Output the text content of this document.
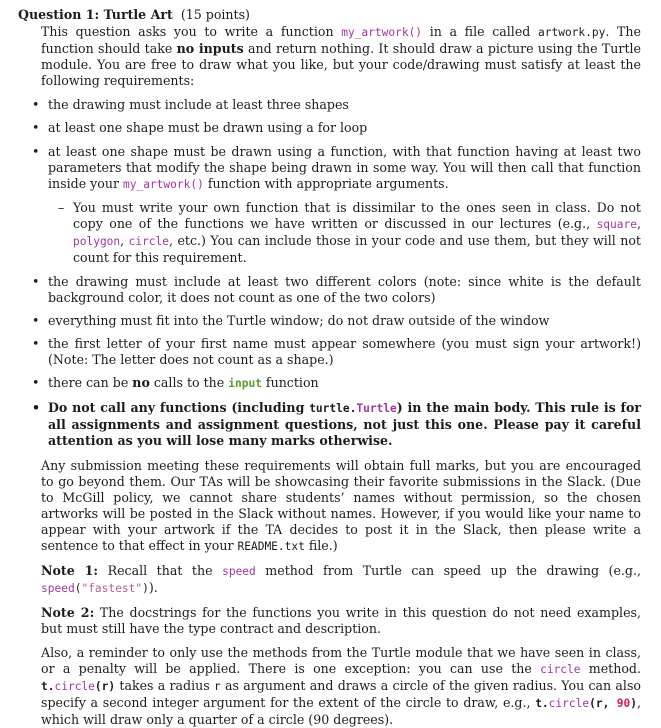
Question 1: Turtle Art (15 points)

This question asks you to write a function my_artwork() in a file called artwork.py. The function should take no inputs and return nothing. It should draw a picture using the Turtle module. You are free to draw what you like, but your code/drawing must satisfy at least the following requirements:

• the drawing must include at least three shapes
• at least one shape must be drawn using a for loop
• at least one shape must be drawn using a function, with that function having at least two parameters that modify the shape being drawn in some way. You will then call that function inside your my_artwork() function with appropriate arguments.
– You must write your own function that is dissimilar to the ones seen in class. Do not copy one of the functions we have written or discussed in our lectures (e.g., square, polygon, circle, etc.) You can include those in your code and use them, but they will not count for this requirement.
• the drawing must include at least two different colors (note: since white is the default background color, it does not count as one of the two colors)
• everything must fit into the Turtle window; do not draw outside of the window
• the first letter of your first name must appear somewhere (you must sign your artwork!) (Note: The letter does not count as a shape.)
• there can be no calls to the input function
• Do not call any functions (including turtle.Turtle) in the main body. This rule is for all assignments and assignment questions, not just this one. Please pay it careful attention as you will lose many marks otherwise.

Any submission meeting these requirements will obtain full marks, but you are encouraged to go beyond them. Our TAs will be showcasing their favorite submissions in the Slack. (Due to McGill policy, we cannot share students’ names without permission, so the chosen artworks will be posted in the Slack without names. However, if you would like your name to appear with your artwork if the TA decides to post it in the Slack, then please write a sentence to that effect in your README.txt file.)

Note 1: Recall that the speed method from Turtle can speed up the drawing (e.g., speed("fastest")).

Note 2: The docstrings for the functions you write in this question do not need examples, but must still have the type contract and description.

Also, a reminder to only use the methods from the Turtle module that we have seen in class, or a penalty will be applied. There is one exception: you can use the circle method. t.circle(r) takes a radius r as argument and draws a circle of the given radius. You can also specify a second integer argument for the extent of the circle to draw, e.g., t.circle(r, 90), which will draw only a quarter of a circle (90 degrees).
